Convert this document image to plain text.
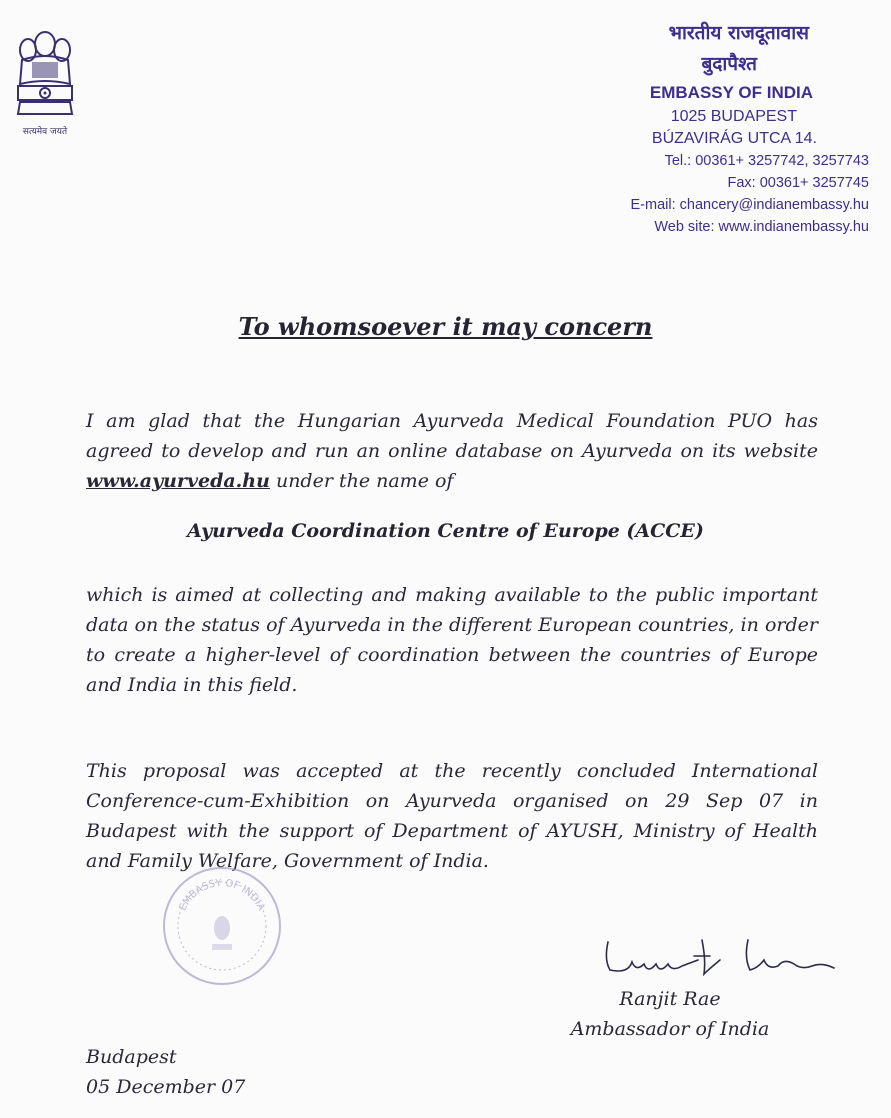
सत्यमेव जयते
भारतीय राजदूतावास
बुदापैश्त
EMBASSY OF INDIA
1025 BUDAPEST
BÚZAVIRÁG UTCA 14.
Tel.: 00361+ 3257742, 3257743
Fax: 00361+ 3257745
E-mail: chancery@indianembassy.hu
Web site: www.indianembassy.hu
To whomsoever it may concern
I am glad that the Hungarian Ayurveda Medical Foundation PUO has agreed to develop and run an online database on Ayurveda on its website www.ayurveda.hu under the name of
Ayurveda Coordination Centre of Europe (ACCE)
which is aimed at collecting and making available to the public important data on the status of Ayurveda in the different European countries, in order to create a higher-level of coordination between the countries of Europe and India in this field.
This proposal was accepted at the recently concluded International Conference-cum-Exhibition on Ayurveda organised on 29 Sep 07 in Budapest with the support of Department of AYUSH, Ministry of Health and Family Welfare, Government of India.
EMBASSY OF INDIA
Ranjit Rae
Ambassador of India
Budapest
05 December 07
